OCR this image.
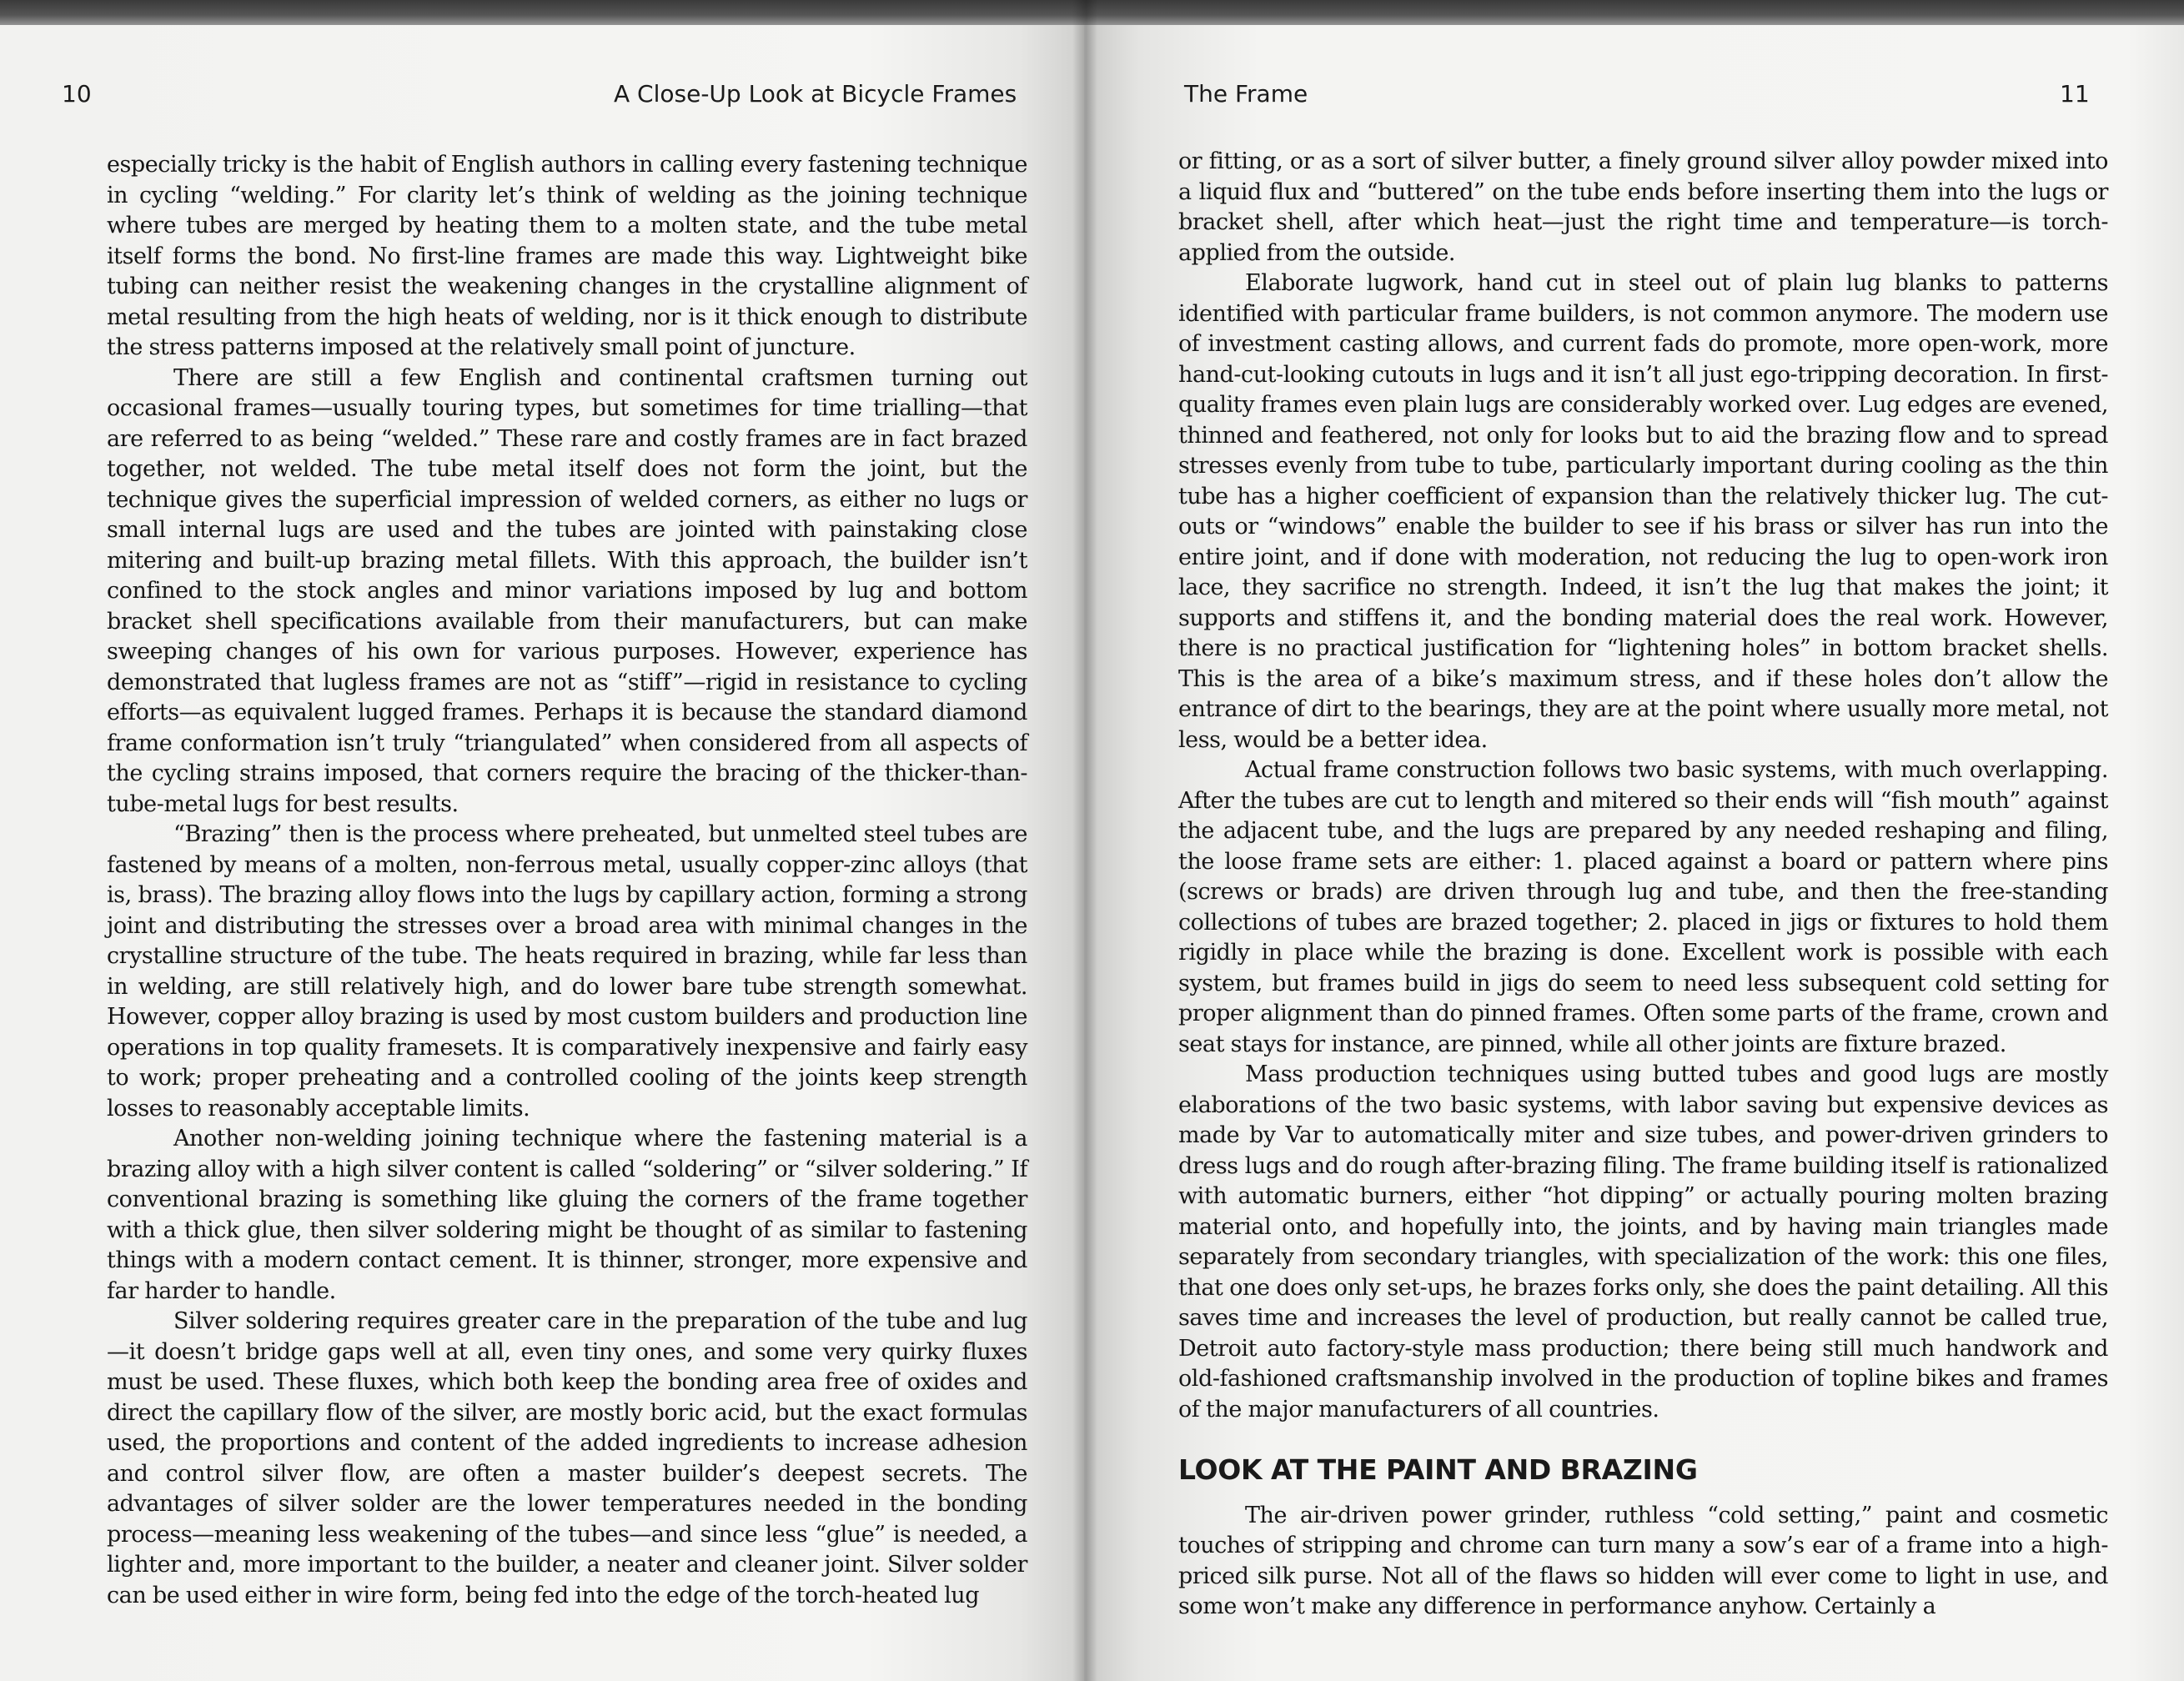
10	A Close-Up Look at Bicycle Frames

especially tricky is the habit of English authors in calling every fastening technique in cycling “welding.” For clarity let’s think of welding as the joining technique where tubes are merged by heating them to a molten state, and the tube metal itself forms the bond. No first-line frames are made this way. Lightweight bike tubing can neither resist the weakening changes in the crystalline alignment of metal resulting from the high heats of welding, nor is it thick enough to distribute the stress patterns imposed at the relatively small point of juncture.

There are still a few English and continental craftsmen turning out occasional frames—usually touring types, but sometimes for time trialling—that are referred to as being “welded.” These rare and costly frames are in fact brazed together, not welded. The tube metal itself does not form the joint, but the technique gives the superficial impression of welded corners, as either no lugs or small internal lugs are used and the tubes are jointed with painstaking close mitering and built-up brazing metal fillets. With this approach, the builder isn’t confined to the stock angles and minor variations imposed by lug and bottom bracket shell specifications available from their manufacturers, but can make sweeping changes of his own for various purposes. However, experience has demonstrated that lugless frames are not as “stiff”—rigid in resistance to cycling efforts—as equivalent lugged frames. Perhaps it is because the standard diamond frame conformation isn’t truly “triangulated” when considered from all aspects of the cycling strains imposed, that corners require the bracing of the thicker-than-tube-metal lugs for best results.

“Brazing” then is the process where preheated, but unmelted steel tubes are fastened by means of a molten, non-ferrous metal, usually copper-zinc alloys (that is, brass). The brazing alloy flows into the lugs by capillary action, forming a strong joint and distributing the stresses over a broad area with minimal changes in the crystalline structure of the tube. The heats required in brazing, while far less than in welding, are still relatively high, and do lower bare tube strength somewhat. However, copper alloy brazing is used by most custom builders and production line operations in top quality framesets. It is comparatively inexpensive and fairly easy to work; proper preheating and a controlled cooling of the joints keep strength losses to reasonably acceptable limits.

Another non-welding joining technique where the fastening material is a brazing alloy with a high silver content is called “soldering” or “silver soldering.” If conventional brazing is something like gluing the corners of the frame together with a thick glue, then silver soldering might be thought of as similar to fastening things with a modern contact cement. It is thinner, stronger, more expensive and far harder to handle.

Silver soldering requires greater care in the preparation of the tube and lug—it doesn’t bridge gaps well at all, even tiny ones, and some very quirky fluxes must be used. These fluxes, which both keep the bonding area free of oxides and direct the capillary flow of the silver, are mostly boric acid, but the exact formulas used, the proportions and content of the added ingredients to increase adhesion and control silver flow, are often a master builder’s deepest secrets. The advantages of silver solder are the lower temperatures needed in the bonding process—meaning less weakening of the tubes—and since less “glue” is needed, a lighter and, more important to the builder, a neater and cleaner joint. Silver solder can be used either in wire form, being fed into the edge of the torch-heated lug

The Frame	11

or fitting, or as a sort of silver butter, a finely ground silver alloy powder mixed into a liquid flux and “buttered” on the tube ends before inserting them into the lugs or bracket shell, after which heat—just the right time and temperature—is torch-applied from the outside.

Elaborate lugwork, hand cut in steel out of plain lug blanks to patterns identified with particular frame builders, is not common anymore. The modern use of investment casting allows, and current fads do promote, more open-work, more hand-cut-looking cutouts in lugs and it isn’t all just ego-tripping decoration. In first-quality frames even plain lugs are considerably worked over. Lug edges are evened, thinned and feathered, not only for looks but to aid the brazing flow and to spread stresses evenly from tube to tube, particularly important during cooling as the thin tube has a higher coefficient of expansion than the relatively thicker lug. The cut-outs or “windows” enable the builder to see if his brass or silver has run into the entire joint, and if done with moderation, not reducing the lug to open-work iron lace, they sacrifice no strength. Indeed, it isn’t the lug that makes the joint; it supports and stiffens it, and the bonding material does the real work. However, there is no practical justification for “lightening holes” in bottom bracket shells. This is the area of a bike’s maximum stress, and if these holes don’t allow the entrance of dirt to the bearings, they are at the point where usually more metal, not less, would be a better idea.

Actual frame construction follows two basic systems, with much overlapping. After the tubes are cut to length and mitered so their ends will “fish mouth” against the adjacent tube, and the lugs are prepared by any needed reshaping and filing, the loose frame sets are either: 1. placed against a board or pattern where pins (screws or brads) are driven through lug and tube, and then the free-standing collections of tubes are brazed together; 2. placed in jigs or fixtures to hold them rigidly in place while the brazing is done. Excellent work is possible with each system, but frames build in jigs do seem to need less subsequent cold setting for proper alignment than do pinned frames. Often some parts of the frame, crown and seat stays for instance, are pinned, while all other joints are fixture brazed.

Mass production techniques using butted tubes and good lugs are mostly elaborations of the two basic systems, with labor saving but expensive devices as made by Var to automatically miter and size tubes, and power-driven grinders to dress lugs and do rough after-brazing filing. The frame building itself is rationalized with automatic burners, either “hot dipping” or actually pouring molten brazing material onto, and hopefully into, the joints, and by having main triangles made separately from secondary triangles, with specialization of the work: this one files, that one does only set-ups, he brazes forks only, she does the paint detailing. All this saves time and increases the level of production, but really cannot be called true, Detroit auto factory-style mass production; there being still much handwork and old-fashioned craftsmanship involved in the production of topline bikes and frames of the major manufacturers of all countries.

LOOK AT THE PAINT AND BRAZING

The air-driven power grinder, ruthless “cold setting,” paint and cosmetic touches of stripping and chrome can turn many a sow’s ear of a frame into a high-priced silk purse. Not all of the flaws so hidden will ever come to light in use, and some won’t make any difference in performance anyhow. Certainly a
